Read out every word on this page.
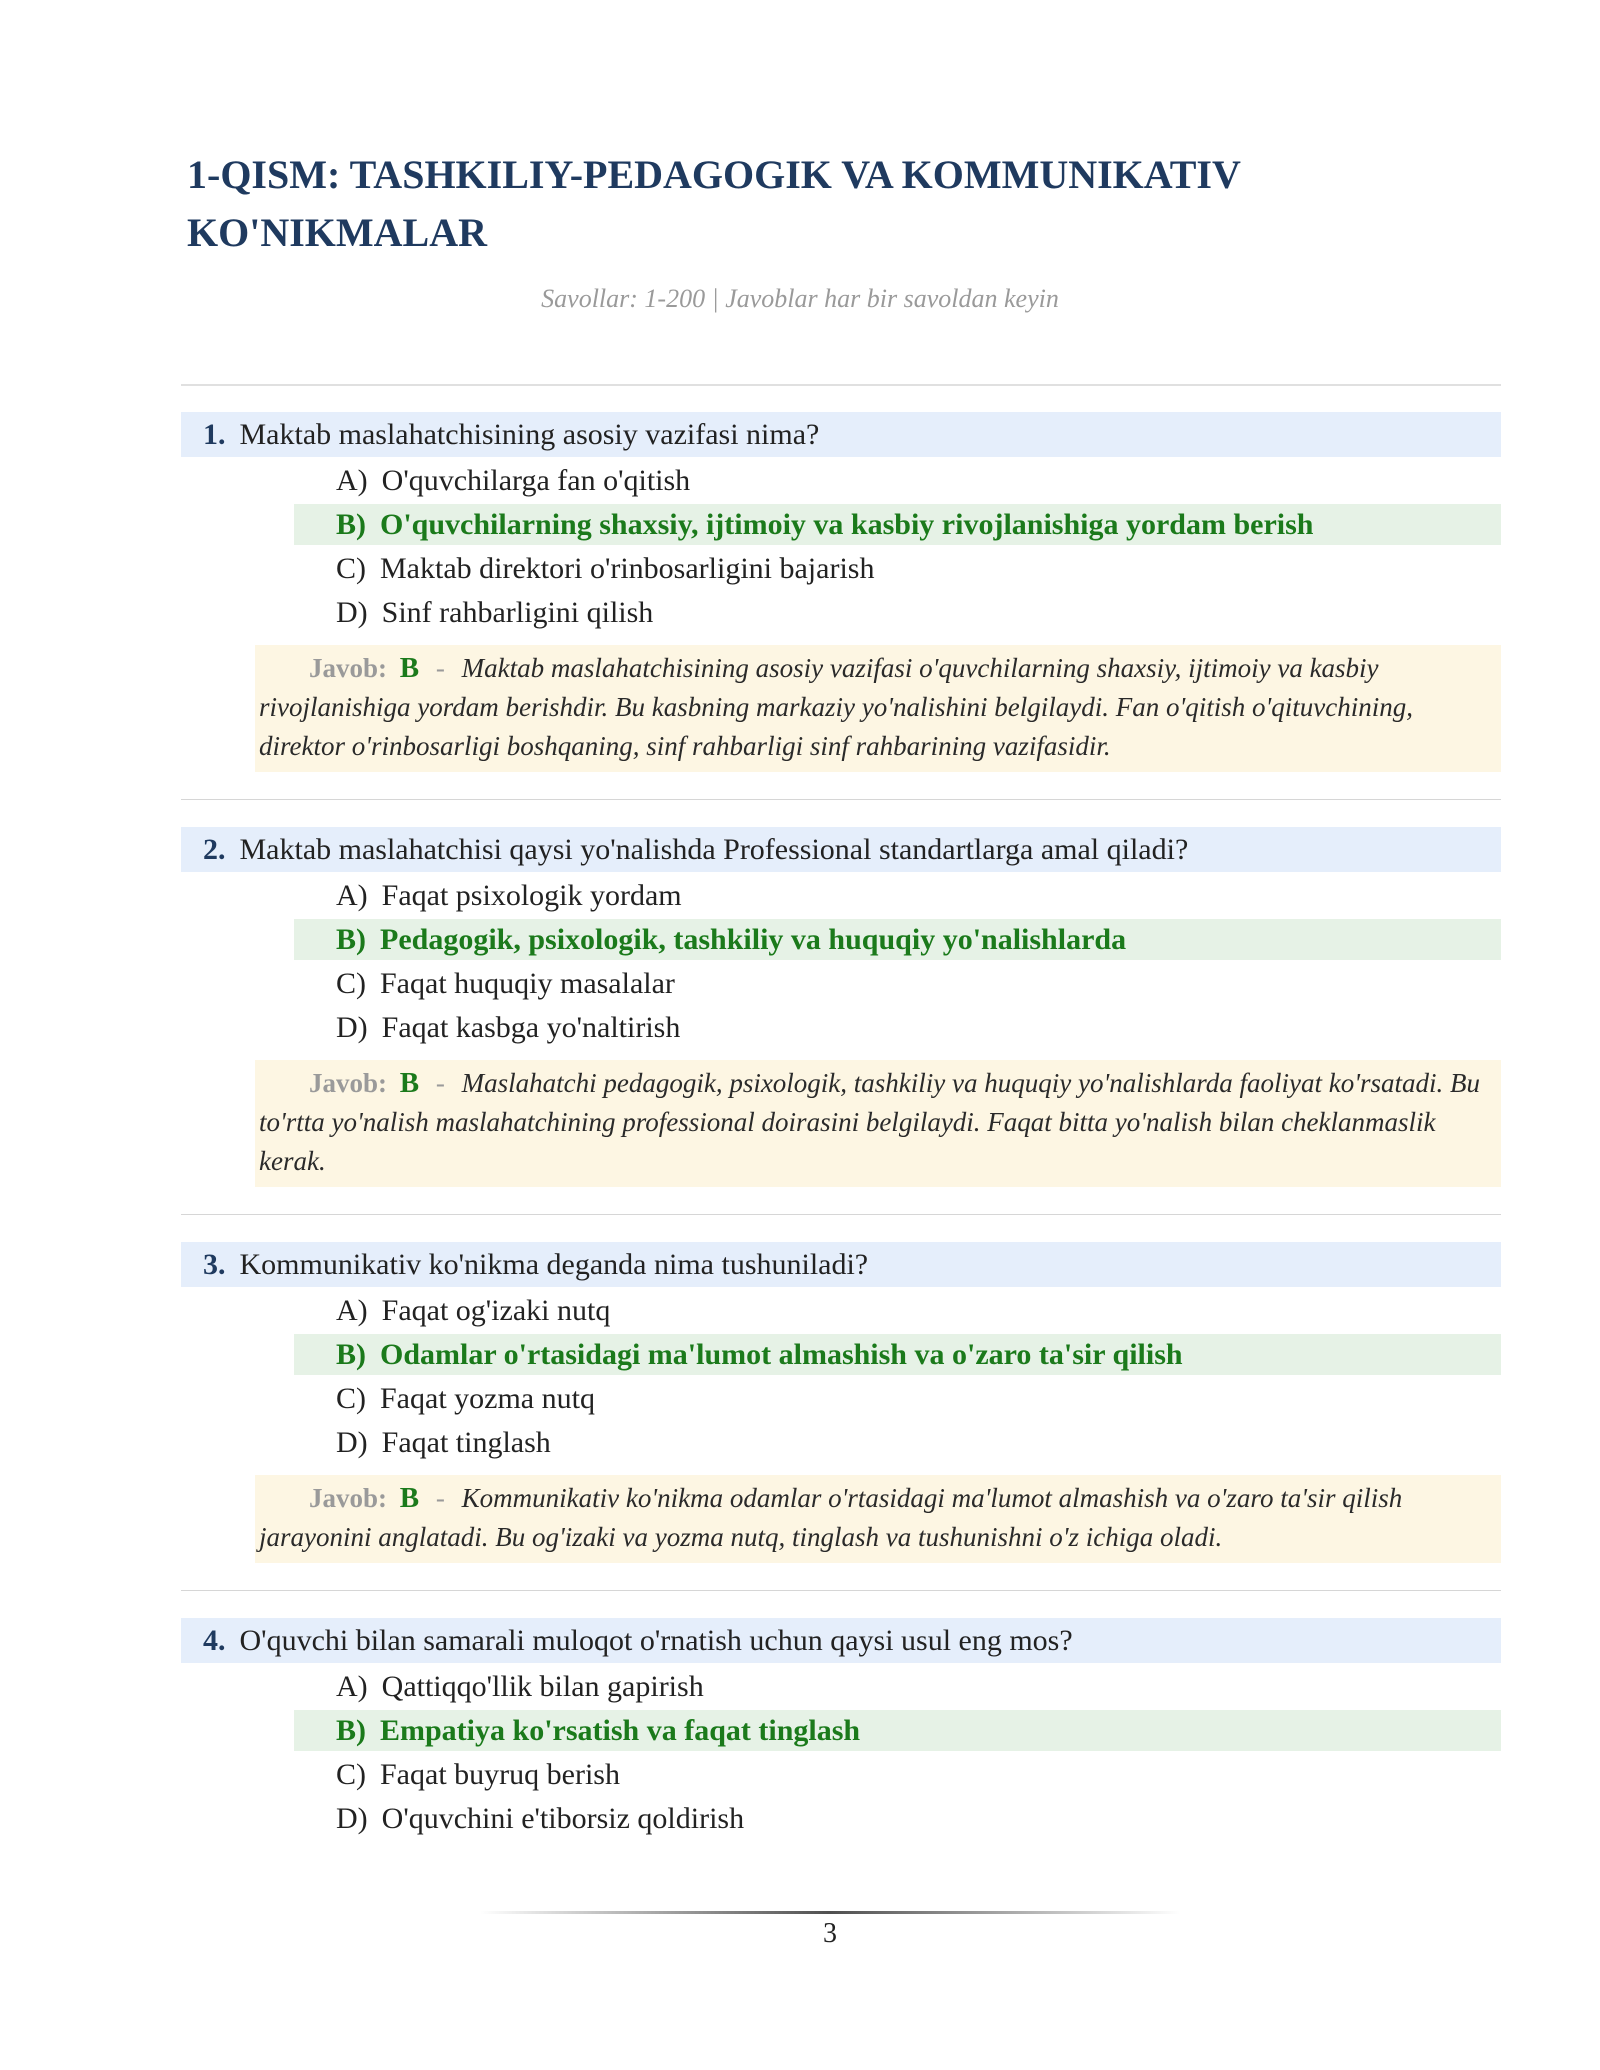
1-QISM: TASHKILIY-PEDAGOGIK VA KOMMUNIKATIV KO'NIKMALAR
Savollar: 1-200 | Javoblar har bir savoldan keyin
1. Maktab maslahatchisining asosiy vazifasi nima?
A) O'quvchilarga fan o'qitish
B) O'quvchilarning shaxsiy, ijtimoiy va kasbiy rivojlanishiga yordam berish
C) Maktab direktori o'rinbosarligini bajarish
D) Sinf rahbarligini qilish
Javob: B - Maktab maslahatchisining asosiy vazifasi o'quvchilarning shaxsiy, ijtimoiy va kasbiy rivojlanishiga yordam berishdir. Bu kasbning markaziy yo'nalishini belgilaydi. Fan o'qitish o'qituvchining, direktor o'rinbosarligi boshqaning, sinf rahbarligi sinf rahbarining vazifasidir.
2. Maktab maslahatchisi qaysi yo'nalishda Professional standartlarga amal qiladi?
A) Faqat psixologik yordam
B) Pedagogik, psixologik, tashkiliy va huquqiy yo'nalishlarda
C) Faqat huquqiy masalalar
D) Faqat kasbga yo'naltirish
Javob: B - Maslahatchi pedagogik, psixologik, tashkiliy va huquqiy yo'nalishlarda faoliyat ko'rsatadi. Bu to'rtta yo'nalish maslahatchining professional doirasini belgilaydi. Faqat bitta yo'nalish bilan cheklanmaslik kerak.
3. Kommunikativ ko'nikma deganda nima tushuniladi?
A) Faqat og'izaki nutq
B) Odamlar o'rtasidagi ma'lumot almashish va o'zaro ta'sir qilish
C) Faqat yozma nutq
D) Faqat tinglash
Javob: B - Kommunikativ ko'nikma odamlar o'rtasidagi ma'lumot almashish va o'zaro ta'sir qilish jarayonini anglatadi. Bu og'izaki va yozma nutq, tinglash va tushunishni o'z ichiga oladi.
4. O'quvchi bilan samarali muloqot o'rnatish uchun qaysi usul eng mos?
A) Qattiqqo'llik bilan gapirish
B) Empatiya ko'rsatish va faqat tinglash
C) Faqat buyruq berish
D) O'quvchini e'tiborsiz qoldirish
3
